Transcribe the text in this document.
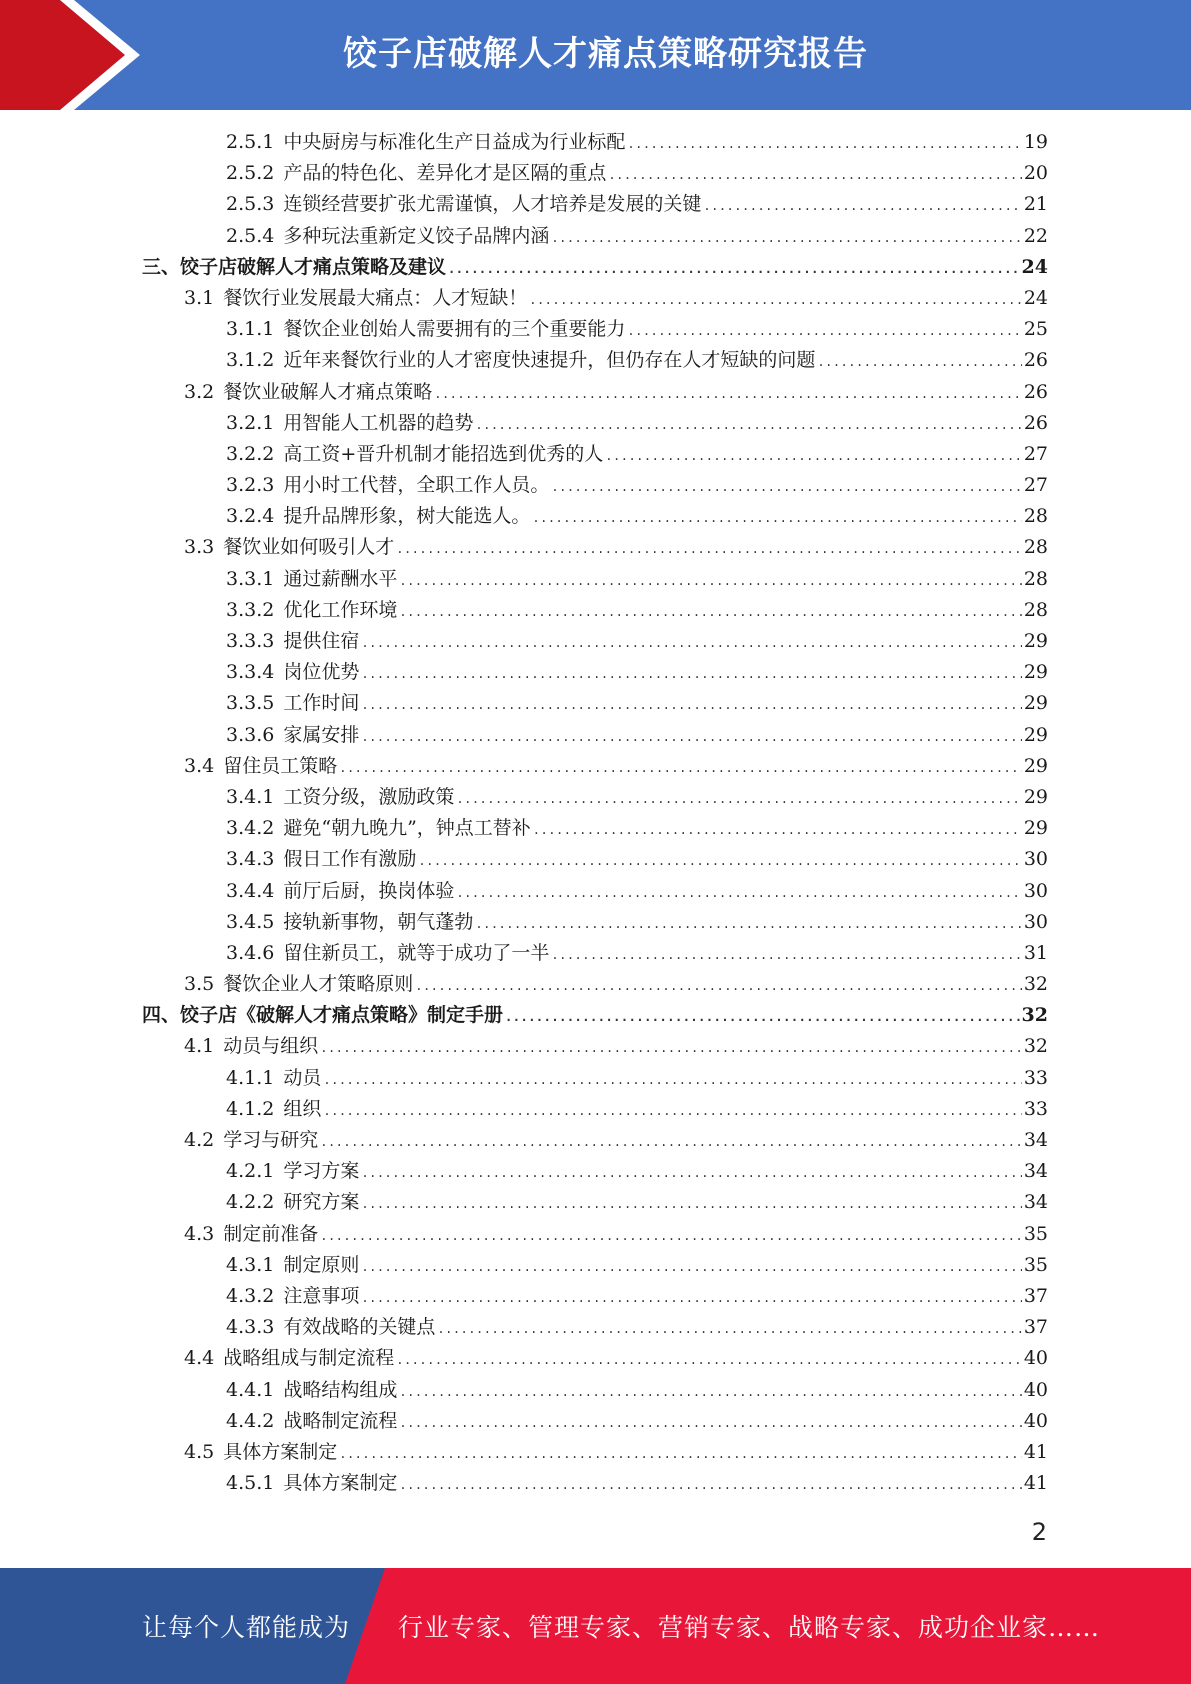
饺子店破解人才痛点策略研究报告
2.5.1 中央厨房与标准化生产日益成为行业标配 .....	19
2.5.2 产品的特色化、差异化才是区隔的重点 .....	20
2.5.3 连锁经营要扩张尤需谨慎，人才培养是发展的关键 .....	21
2.5.4 多种玩法重新定义饺子品牌内涵 .....	22
三、 饺子店破解人才痛点策略及建议 .....	24
3.1 餐饮行业发展最大痛点：人才短缺！ .....	24
3.1.1 餐饮企业创始人需要拥有的三个重要能力 .....	25
3.1.2 近年来餐饮行业的人才密度快速提升，但仍存在人才短缺的问题 .....	26
3.2 餐饮业破解人才痛点策略 .....	26
3.2.1 用智能人工机器的趋势 .....	26
3.2.2 高工资+晋升机制才能招选到优秀的人 .....	27
3.2.3 用小时工代替，全职工作人员。 .....	27
3.2.4 提升品牌形象，树大能选人。 .....	28
3.3 餐饮业如何吸引人才 .....	28
3.3.1 通过薪酬水平 .....	28
3.3.2 优化工作环境 .....	28
3.3.3 提供住宿 .....	29
3.3.4 岗位优势 .....	29
3.3.5 工作时间 .....	29
3.3.6 家属安排 .....	29
3.4 留住员工策略 .....	29
3.4.1 工资分级，激励政策 .....	29
3.4.2 避免“朝九晚九”，钟点工替补 .....	29
3.4.3 假日工作有激励 .....	30
3.4.4 前厅后厨，换岗体验 .....	30
3.4.5 接轨新事物，朝气蓬勃 .....	30
3.4.6 留住新员工，就等于成功了一半 .....	31
3.5 餐饮企业人才策略原则 .....	32
四、 饺子店《破解人才痛点策略》制定手册 .....	32
4.1 动员与组织 .....	32
4.1.1 动员 .....	33
4.1.2 组织 .....	33
4.2 学习与研究 .....	34
4.2.1 学习方案 .....	34
4.2.2 研究方案 .....	34
4.3 制定前准备 .....	35
4.3.1 制定原则 .....	35
4.3.2 注意事项 .....	37
4.3.3 有效战略的关键点 .....	37
4.4 战略组成与制定流程 .....	40
4.4.1 战略结构组成 .....	40
4.4.2 战略制定流程 .....	40
4.5 具体方案制定 .....	41
4.5.1 具体方案制定 .....	41
2
让每个人都能成为 行业专家、管理专家、营销专家、战略专家、成功企业家……
